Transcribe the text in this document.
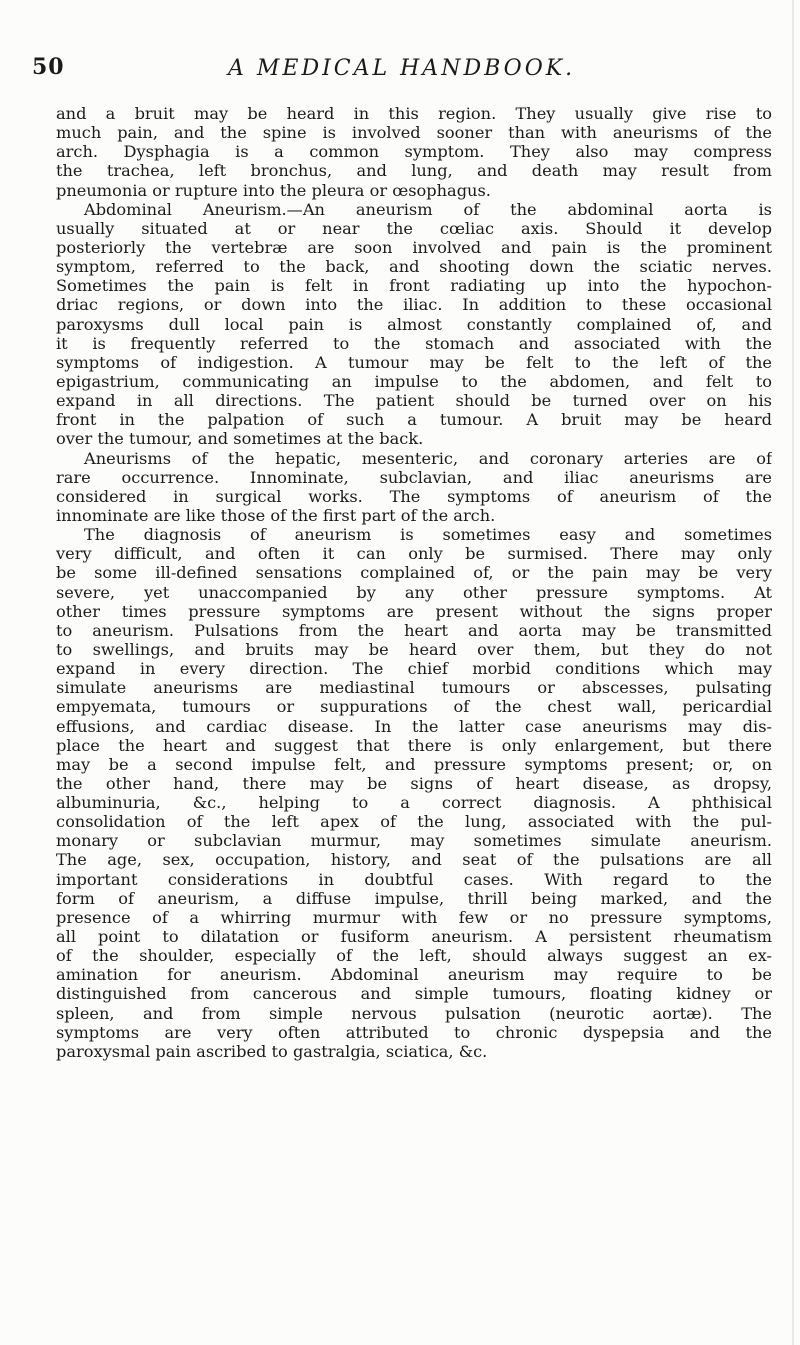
50	A MEDICAL HANDBOOK.
and a bruit may be heard in this region. They usually give rise to
much pain, and the spine is involved sooner than with aneurisms of the
arch. Dysphagia is a common symptom. They also may compress
the trachea, left bronchus, and lung, and death may result from
pneumonia or rupture into the pleura or œsophagus.
Abdominal Aneurism.—An aneurism of the abdominal aorta is
usually situated at or near the cœliac axis. Should it develop
posteriorly the vertebræ are soon involved and pain is the prominent
symptom, referred to the back, and shooting down the sciatic nerves.
Sometimes the pain is felt in front radiating up into the hypochon-
driac regions, or down into the iliac. In addition to these occasional
paroxysms dull local pain is almost constantly complained of, and
it is frequently referred to the stomach and associated with the
symptoms of indigestion. A tumour may be felt to the left of the
epigastrium, communicating an impulse to the abdomen, and felt to
expand in all directions. The patient should be turned over on his
front in the palpation of such a tumour. A bruit may be heard
over the tumour, and sometimes at the back.
Aneurisms of the hepatic, mesenteric, and coronary arteries are of
rare occurrence. Innominate, subclavian, and iliac aneurisms are
considered in surgical works. The symptoms of aneurism of the
innominate are like those of the first part of the arch.
The diagnosis of aneurism is sometimes easy and sometimes
very difficult, and often it can only be surmised. There may only
be some ill-defined sensations complained of, or the pain may be very
severe, yet unaccompanied by any other pressure symptoms. At
other times pressure symptoms are present without the signs proper
to aneurism. Pulsations from the heart and aorta may be transmitted
to swellings, and bruits may be heard over them, but they do not
expand in every direction. The chief morbid conditions which may
simulate aneurisms are mediastinal tumours or abscesses, pulsating
empyemata, tumours or suppurations of the chest wall, pericardial
effusions, and cardiac disease. In the latter case aneurisms may dis-
place the heart and suggest that there is only enlargement, but there
may be a second impulse felt, and pressure symptoms present; or, on
the other hand, there may be signs of heart disease, as dropsy,
albuminuria, &c., helping to a correct diagnosis. A phthisical
consolidation of the left apex of the lung, associated with the pul-
monary or subclavian murmur, may sometimes simulate aneurism.
The age, sex, occupation, history, and seat of the pulsations are all
important considerations in doubtful cases. With regard to the
form of aneurism, a diffuse impulse, thrill being marked, and the
presence of a whirring murmur with few or no pressure symptoms,
all point to dilatation or fusiform aneurism. A persistent rheumatism
of the shoulder, especially of the left, should always suggest an ex-
amination for aneurism. Abdominal aneurism may require to be
distinguished from cancerous and simple tumours, floating kidney or
spleen, and from simple nervous pulsation (neurotic aortæ). The
symptoms are very often attributed to chronic dyspepsia and the
paroxysmal pain ascribed to gastralgia, sciatica, &c.
